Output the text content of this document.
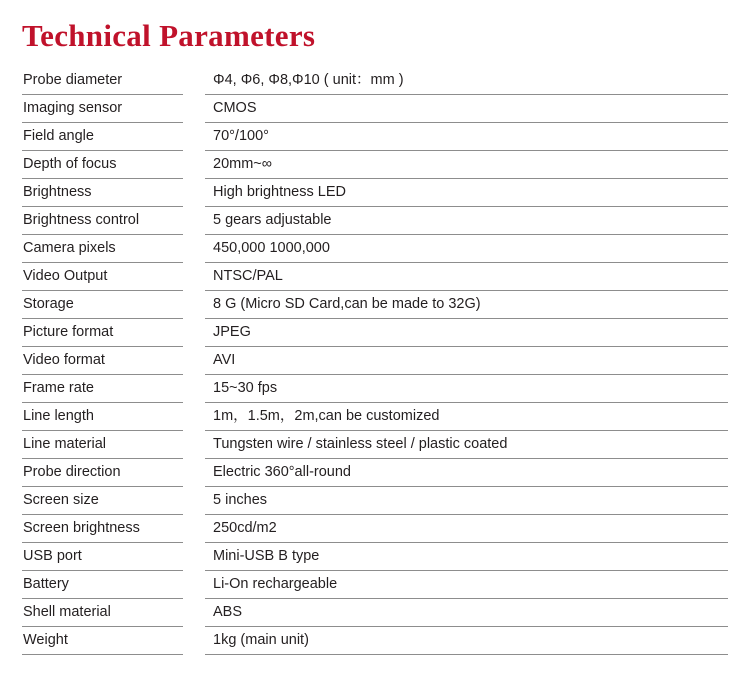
Technical Parameters
Probe diameter		Φ4, Φ6, Φ8,Φ10 ( unit：mm )
Imaging sensor		CMOS
Field angle		70°/100°
Depth of focus		20mm~∞
Brightness		High brightness LED
Brightness control		5 gears adjustable
Camera pixels		450,000 1000,000
Video Output		NTSC/PAL
Storage		8 G (Micro SD Card,can be made to 32G)
Picture format		JPEG
Video format		AVI
Frame rate		15~30 fps
Line length		1m，1.5m，2m,can be customized
Line material		Tungsten wire / stainless steel / plastic coated
Probe direction		Electric 360°all-round
Screen size		5 inches
Screen brightness		250cd/m2
USB port		Mini-USB B type
Battery		Li-On rechargeable
Shell material		ABS
Weight		1kg (main unit)
